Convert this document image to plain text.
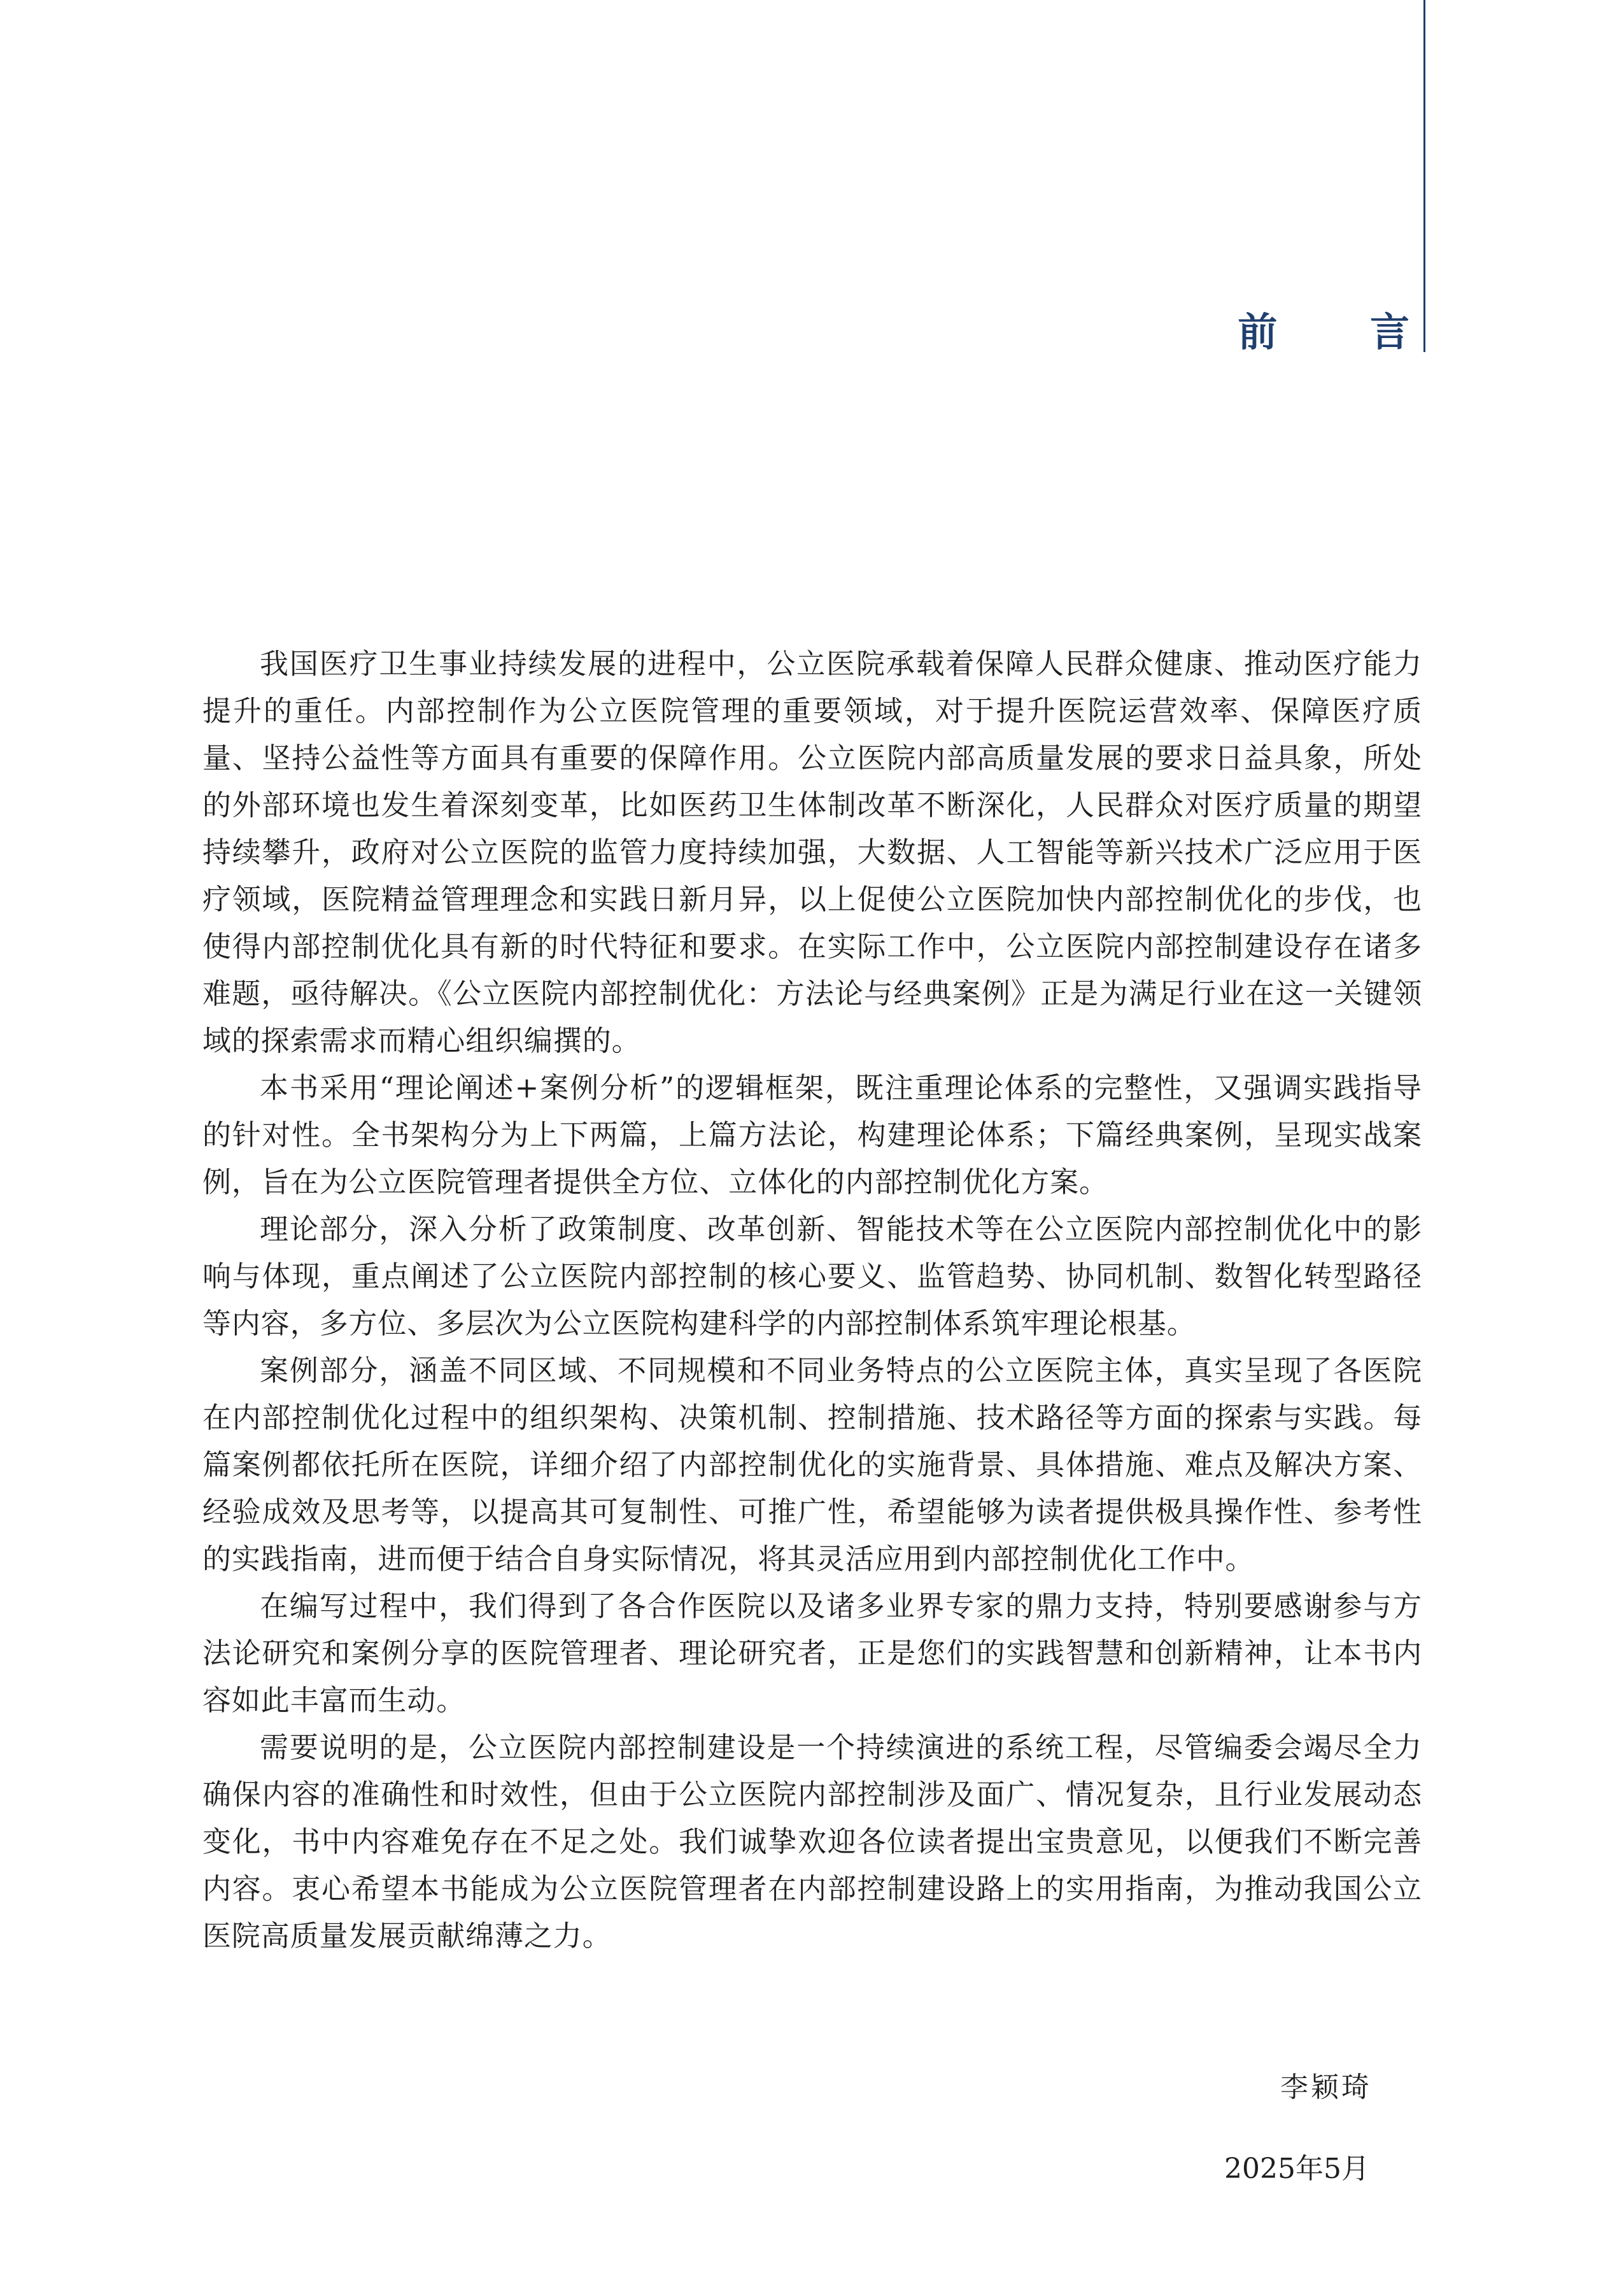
前 言

我国医疗卫生事业持续发展的进程中，公立医院承载着保障人民群众健康、推动医疗能力提升的重任。内部控制作为公立医院管理的重要领域，对于提升医院运营效率、保障医疗质量、坚持公益性等方面具有重要的保障作用。公立医院内部高质量发展的要求日益具象，所处的外部环境也发生着深刻变革，比如医药卫生体制改革不断深化，人民群众对医疗质量的期望持续攀升，政府对公立医院的监管力度持续加强，大数据、人工智能等新兴技术广泛应用于医疗领域，医院精益管理理念和实践日新月异，以上促使公立医院加快内部控制优化的步伐，也使得内部控制优化具有新的时代特征和要求。在实际工作中，公立医院内部控制建设存在诸多难题，亟待解决。《公立医院内部控制优化：方法论与经典案例》正是为满足行业在这一关键领域的探索需求而精心组织编撰的。

本书采用“理论阐述+案例分析”的逻辑框架，既注重理论体系的完整性，又强调实践指导的针对性。全书架构分为上下两篇，上篇方法论，构建理论体系；下篇经典案例，呈现实战案例，旨在为公立医院管理者提供全方位、立体化的内部控制优化方案。

理论部分，深入分析了政策制度、改革创新、智能技术等在公立医院内部控制优化中的影响与体现，重点阐述了公立医院内部控制的核心要义、监管趋势、协同机制、数智化转型路径等内容，多方位、多层次为公立医院构建科学的内部控制体系筑牢理论根基。

案例部分，涵盖不同区域、不同规模和不同业务特点的公立医院主体，真实呈现了各医院在内部控制优化过程中的组织架构、决策机制、控制措施、技术路径等方面的探索与实践。每篇案例都依托所在医院，详细介绍了内部控制优化的实施背景、具体措施、难点及解决方案、经验成效及思考等，以提高其可复制性、可推广性，希望能够为读者提供极具操作性、参考性的实践指南，进而便于结合自身实际情况，将其灵活应用到内部控制优化工作中。

在编写过程中，我们得到了各合作医院以及诸多业界专家的鼎力支持，特别要感谢参与方法论研究和案例分享的医院管理者、理论研究者，正是您们的实践智慧和创新精神，让本书内容如此丰富而生动。

需要说明的是，公立医院内部控制建设是一个持续演进的系统工程，尽管编委会竭尽全力确保内容的准确性和时效性，但由于公立医院内部控制涉及面广、情况复杂，且行业发展动态变化，书中内容难免存在不足之处。我们诚挚欢迎各位读者提出宝贵意见，以便我们不断完善内容。衷心希望本书能成为公立医院管理者在内部控制建设路上的实用指南，为推动我国公立医院高质量发展贡献绵薄之力。

李颖琦
2025年5月
